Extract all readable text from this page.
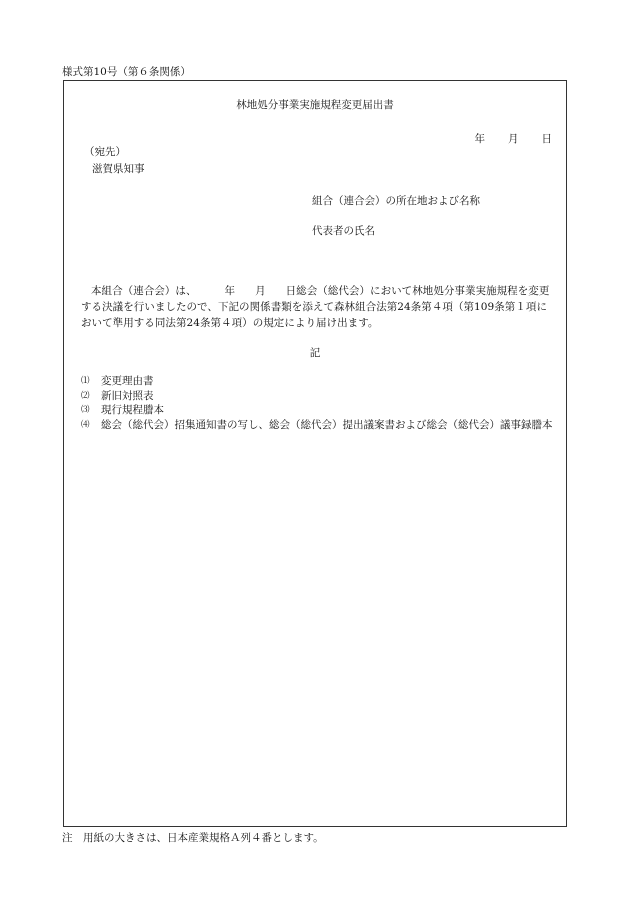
様式第10号（第６条関係）
林地処分事業実施規程変更届出書
年 月 日
（宛先）
滋賀県知事
組合（連合会）の所在地および名称
代表者の氏名
本組合（連合会）は、	年 月 日総会（総代会）において林地処分事業実施規程を変更する決議を行いましたので、下記の関係書類を添えて森林組合法第24条第４項（第109条第１項において準用する同法第24条第４項）の規定により届け出ます。
記
⑴	変更理由書
⑵	新旧対照表
⑶	現行規程謄本
⑷	総会（総代会）招集通知書の写し、総会（総代会）提出議案書および総会（総代会）議事録謄本
注　用紙の大きさは、日本産業規格Ａ列４番とします。
